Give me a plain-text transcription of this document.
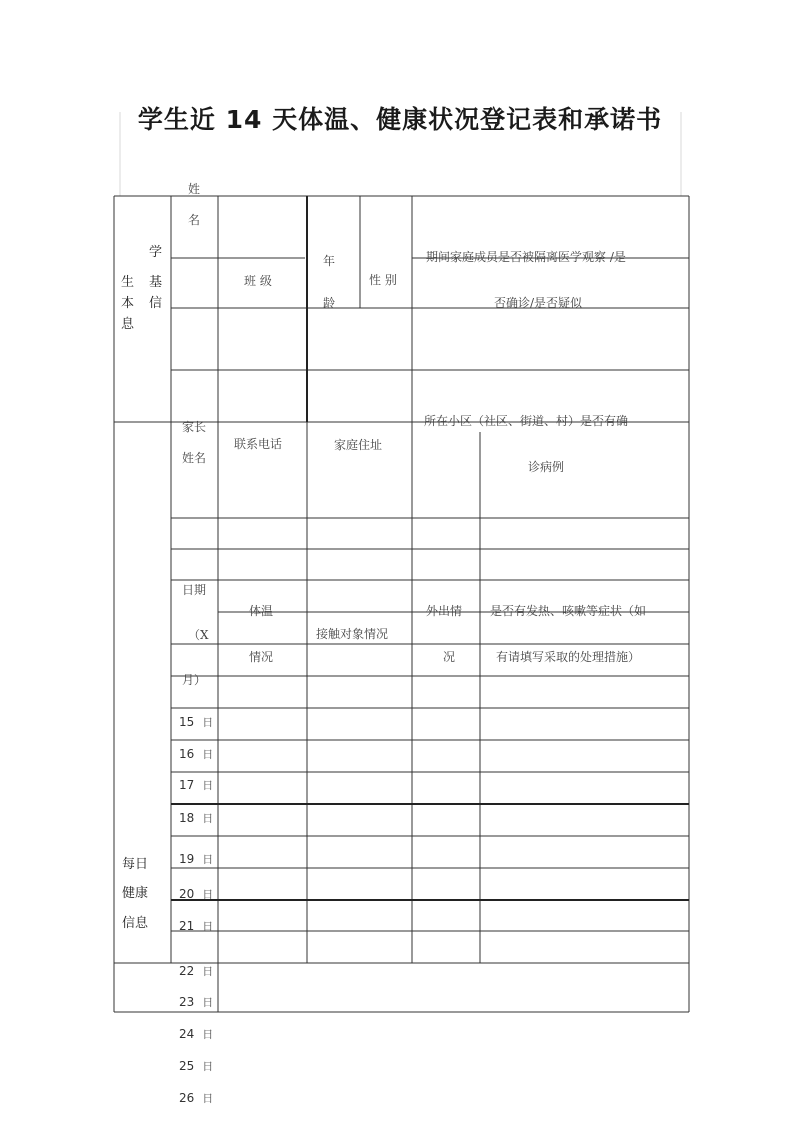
学生近 14 天体温、健康状况登记表和承诺书
学
生 基
本 信
息
姓
名
班 级
年
龄
性 别
期间家庭成员是否被隔离医学观察 /是
否确诊/是否疑似
家长
姓名
联系电话	家庭住址
所在小区（社区、街道、村）是否有确
诊病例
日期
（X
月）
体温
情况
接触对象情况
外出情
况
是否有发热、咳嗽等症状（如
有请填写采取的处理措施）
每日
健康
信息
15 日
16 日
17 日
18 日
19 日
20 日
21 日
22 日
23 日
24 日
25 日
26 日
